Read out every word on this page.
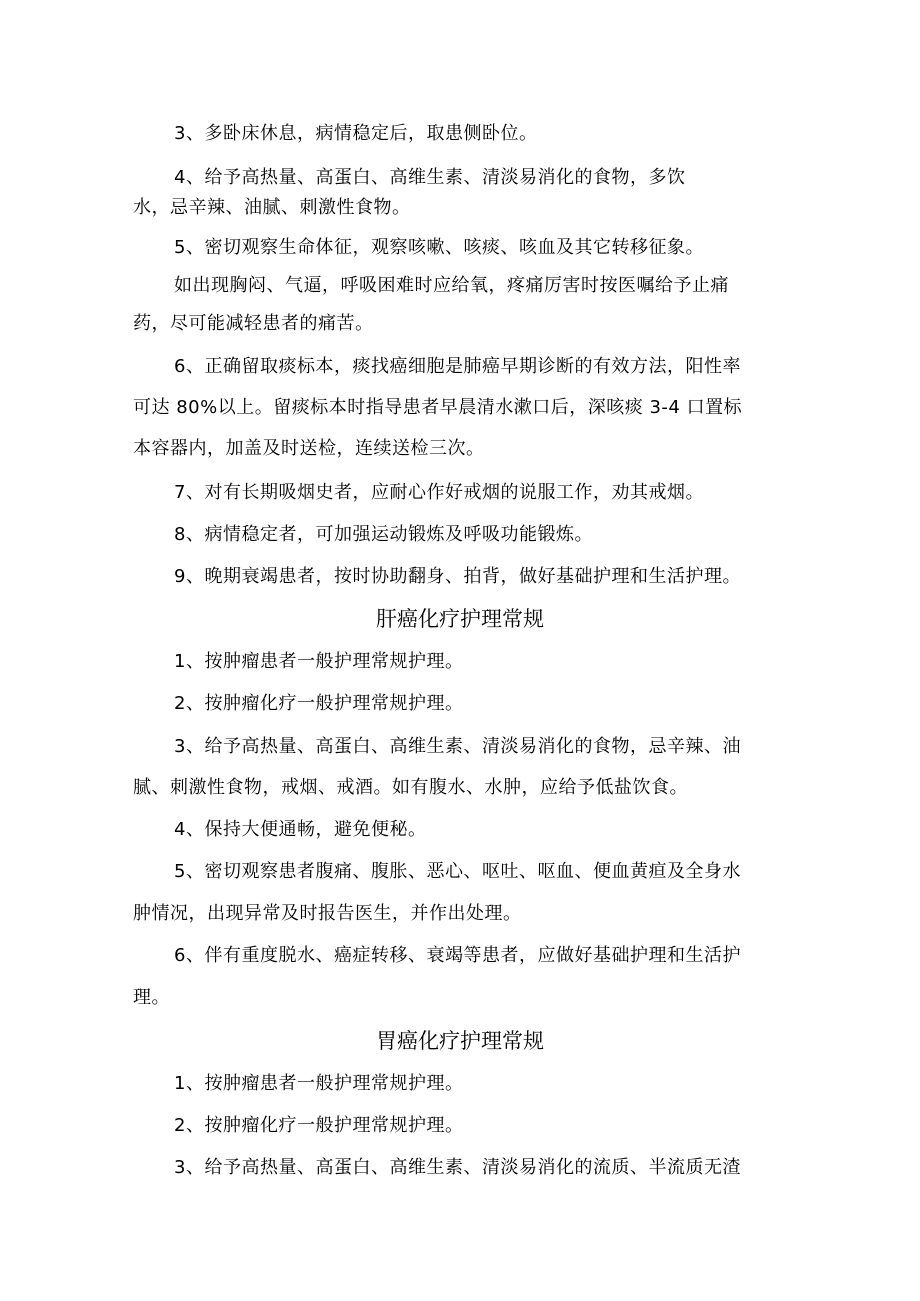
3、多卧床休息，病情稳定后，取患侧卧位。
4、给予高热量、高蛋白、高维生素、清淡易消化的食物，多饮
水，忌辛辣、油腻、刺激性食物。
5、密切观察生命体征，观察咳嗽、咳痰、咳血及其它转移征象。
如出现胸闷、气逼，呼吸困难时应给氧，疼痛厉害时按医嘱给予止痛
药，尽可能减轻患者的痛苦。
6、正确留取痰标本，痰找癌细胞是肺癌早期诊断的有效方法，阳性率
可达 80%以上。留痰标本时指导患者早晨清水漱口后，深咳痰 3-4 口置标
本容器内，加盖及时送检，连续送检三次。
7、对有长期吸烟史者，应耐心作好戒烟的说服工作，劝其戒烟。
8、病情稳定者，可加强运动锻炼及呼吸功能锻炼。
9、晚期衰竭患者，按时协助翻身、拍背，做好基础护理和生活护理。
肝癌化疗护理常规
1、按肿瘤患者一般护理常规护理。
2、按肿瘤化疗一般护理常规护理。
3、给予高热量、高蛋白、高维生素、清淡易消化的食物，忌辛辣、油
腻、刺激性食物，戒烟、戒酒。如有腹水、水肿，应给予低盐饮食。
4、保持大便通畅，避免便秘。
5、密切观察患者腹痛、腹胀、恶心、呕吐、呕血、便血黄疸及全身水
肿情况，出现异常及时报告医生，并作出处理。
6、伴有重度脱水、癌症转移、衰竭等患者，应做好基础护理和生活护
理。
胃癌化疗护理常规
1、按肿瘤患者一般护理常规护理。
2、按肿瘤化疗一般护理常规护理。
3、给予高热量、高蛋白、高维生素、清淡易消化的流质、半流质无渣
